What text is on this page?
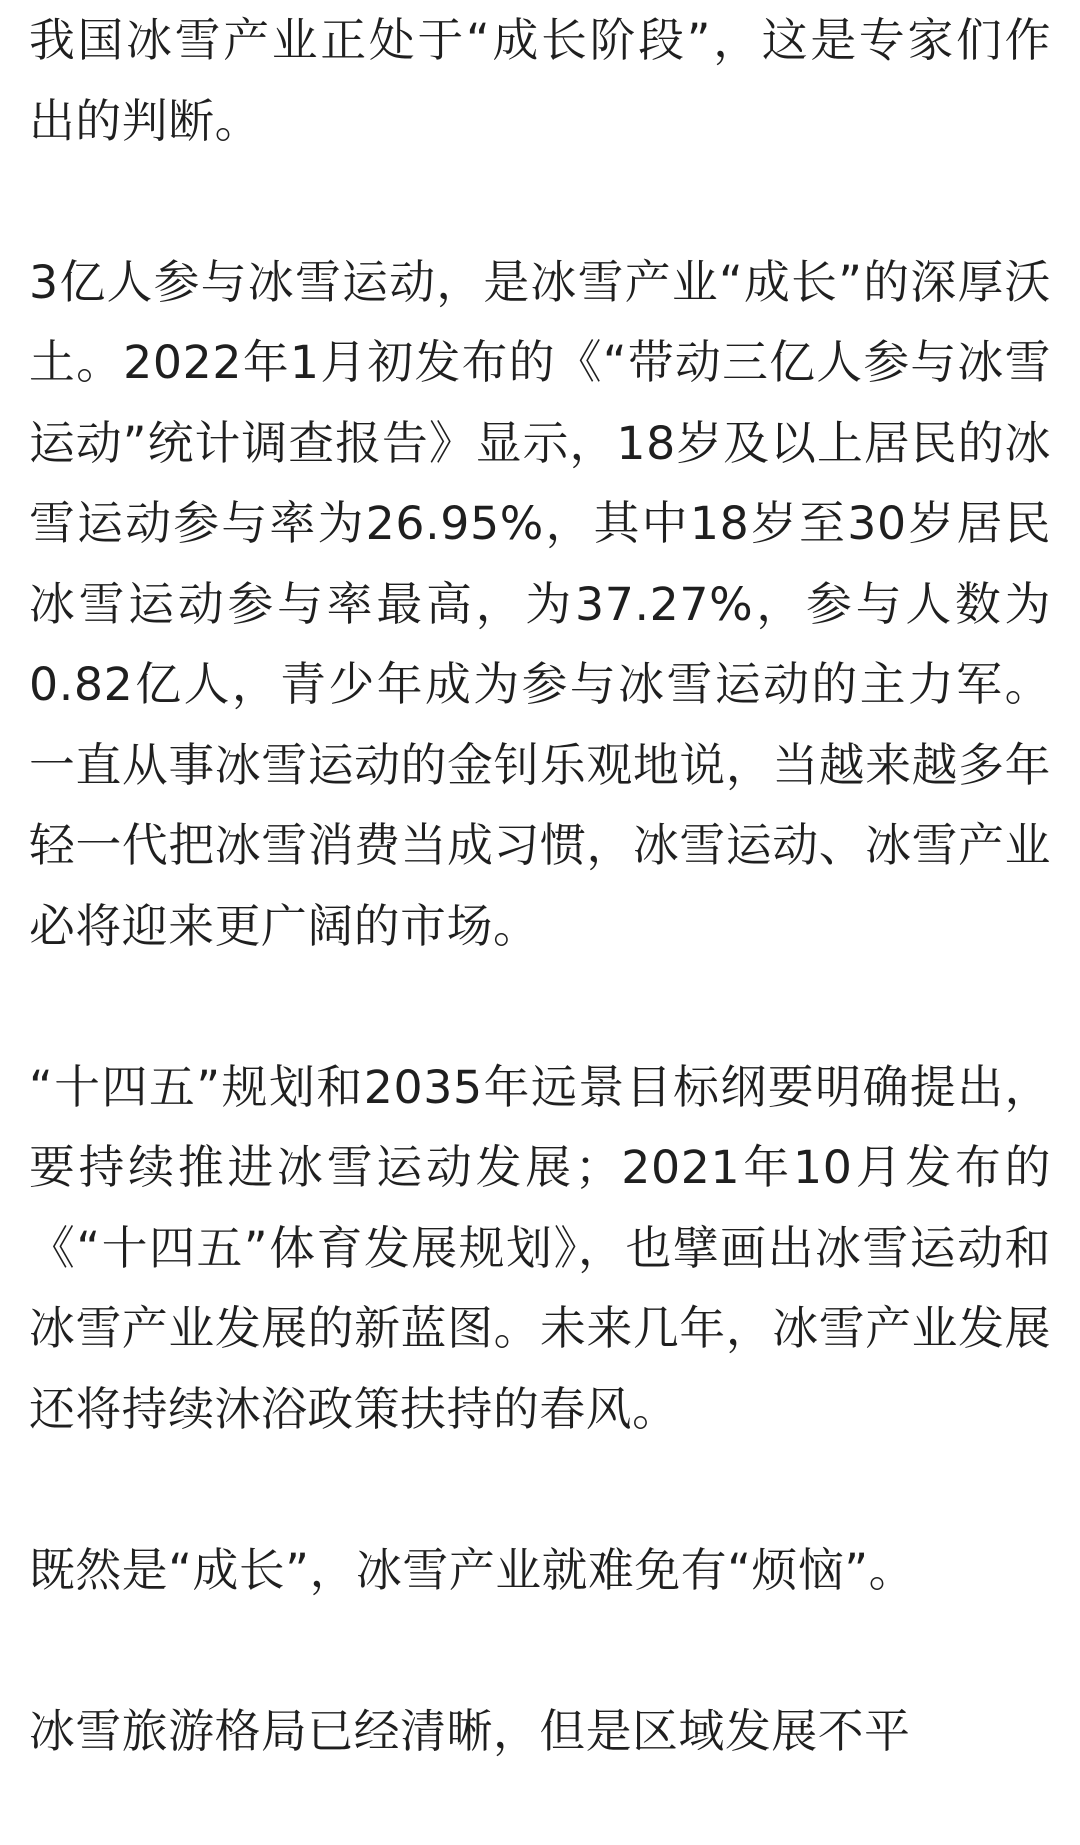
我国冰雪产业正处于“成长阶段”，这是专家们作出的判断。

3亿人参与冰雪运动，是冰雪产业“成长”的深厚沃土。2022年1月初发布的《“带动三亿人参与冰雪运动”统计调查报告》显示，18岁及以上居民的冰雪运动参与率为26.95%，其中18岁至30岁居民冰雪运动参与率最高，为37.27%，参与人数为0.82亿人，青少年成为参与冰雪运动的主力军。一直从事冰雪运动的金钊乐观地说，当越来越多年轻一代把冰雪消费当成习惯，冰雪运动、冰雪产业必将迎来更广阔的市场。

“十四五”规划和2035年远景目标纲要明确提出，要持续推进冰雪运动发展；2021年10月发布的《“十四五”体育发展规划》，也擘画出冰雪运动和冰雪产业发展的新蓝图。未来几年，冰雪产业发展还将持续沐浴政策扶持的春风。

既然是“成长”，冰雪产业就难免有“烦恼”。

冰雪旅游格局已经清晰，但是区域发展不平
